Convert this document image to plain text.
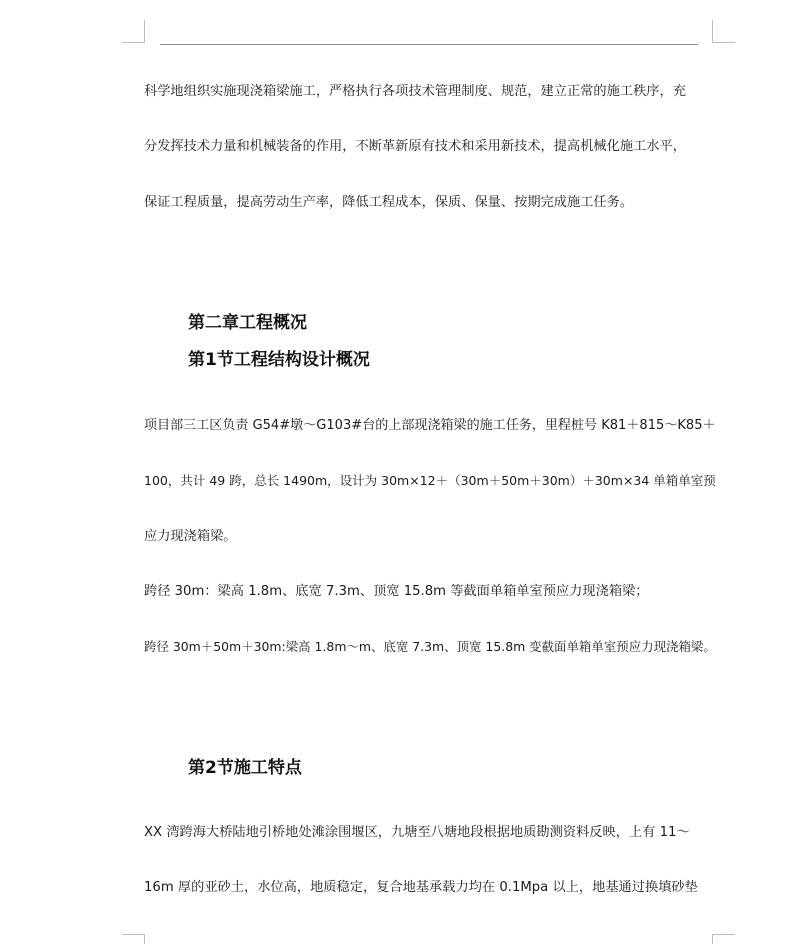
科学地组织实施现浇箱梁施工，严格执行各项技术管理制度、规范，建立正常的施工秩序，充
分发挥技术力量和机械装备的作用，不断革新原有技术和采用新技术，提高机械化施工水平，
保证工程质量，提高劳动生产率，降低工程成本，保质、保量、按期完成施工任务。
第二章工程概况
第1节工程结构设计概况
项目部三工区负责 G54#墩～G103#台的上部现浇箱梁的施工任务，里程桩号 K81＋815～K85＋
100，共计 49 跨，总长 1490m，设计为 30m×12＋（30m＋50m＋30m）＋30m×34 单箱单室预
应力现浇箱梁。
跨径 30m：梁高 1.8m、底宽 7.3m、顶宽 15.8m 等截面单箱单室预应力现浇箱梁；
跨径 30m＋50m＋30m:梁高 1.8m～m、底宽 7.3m、顶宽 15.8m 变截面单箱单室预应力现浇箱梁。
第2节施工特点
XX 湾跨海大桥陆地引桥地处滩涂围堰区，九塘至八塘地段根据地质勘测资料反映，上有 11～
16m 厚的亚砂土，水位高，地质稳定，复合地基承载力均在 0.1Mpa 以上，地基通过换填砂垫
